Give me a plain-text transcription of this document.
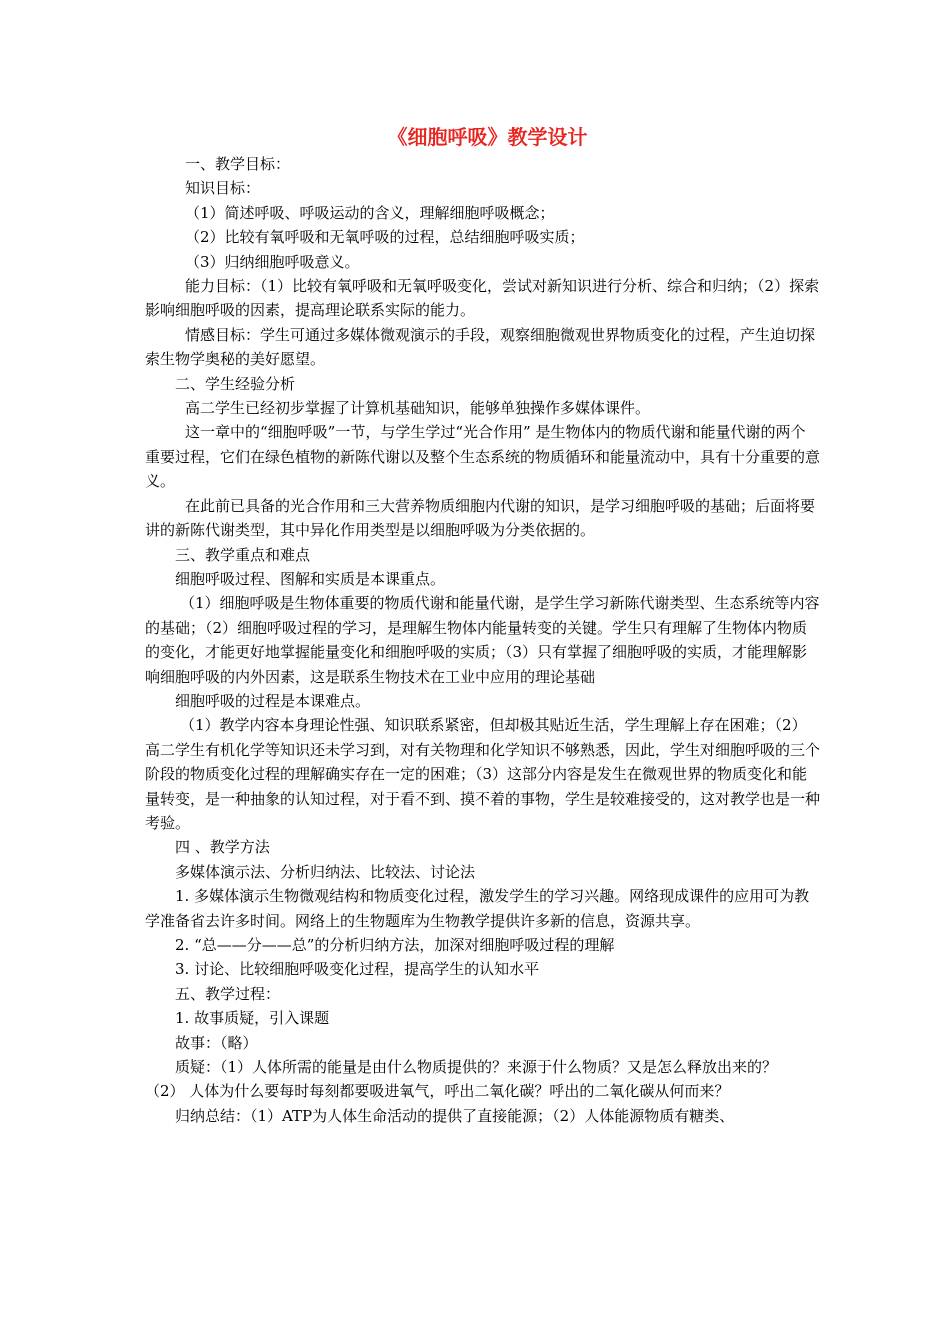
《细胞呼吸》教学设计

一、教学目标：

知识目标：

（1）简述呼吸、呼吸运动的含义，理解细胞呼吸概念；

（2）比较有氧呼吸和无氧呼吸的过程，总结细胞呼吸实质；

（3）归纳细胞呼吸意义。

能力目标：（1）比较有氧呼吸和无氧呼吸变化，尝试对新知识进行分析、综合和归纳；（2）探索影响细胞呼吸的因素，提高理论联系实际的能力。

情感目标：学生可通过多媒体微观演示的手段，观察细胞微观世界物质变化的过程，产生迫切探索生物学奥秘的美好愿望。

二、学生经验分析

高二学生已经初步掌握了计算机基础知识，能够单独操作多媒体课件。

这一章中的“细胞呼吸”一节，与学生学过“光合作用” 是生物体内的物质代谢和能量代谢的两个重要过程，它们在绿色植物的新陈代谢以及整个生态系统的物质循环和能量流动中，具有十分重要的意义。

在此前已具备的光合作用和三大营养物质细胞内代谢的知识，是学习细胞呼吸的基础；后面将要讲的新陈代谢类型，其中异化作用类型是以细胞呼吸为分类依据的。

三、教学重点和难点

细胞呼吸过程、图解和实质是本课重点。

（1）细胞呼吸是生物体重要的物质代谢和能量代谢，是学生学习新陈代谢类型、生态系统等内容的基础；（2）细胞呼吸过程的学习，是理解生物体内能量转变的关键。学生只有理解了生物体内物质的变化，才能更好地掌握能量变化和细胞呼吸的实质；（3）只有掌握了细胞呼吸的实质，才能理解影响细胞呼吸的内外因素，这是联系生物技术在工业中应用的理论基础

细胞呼吸的过程是本课难点。

（1）教学内容本身理论性强、知识联系紧密，但却极其贴近生活，学生理解上存在困难；（2）高二学生有机化学等知识还未学习到，对有关物理和化学知识不够熟悉，因此，学生对细胞呼吸的三个阶段的物质变化过程的理解确实存在一定的困难；（3）这部分内容是发生在微观世界的物质变化和能量转变，是一种抽象的认知过程，对于看不到、摸不着的事物，学生是较难接受的，这对教学也是一种考验。

四 、教学方法

多媒体演示法、分析归纳法、比较法、讨论法

1. 多媒体演示生物微观结构和物质变化过程，激发学生的学习兴趣。网络现成课件的应用可为教学准备省去许多时间。网络上的生物题库为生物教学提供许多新的信息，资源共享。

2. “总——分——总”的分析归纳方法，加深对细胞呼吸过程的理解

3. 讨论、比较细胞呼吸变化过程，提高学生的认知水平

五、教学过程：

1. 故事质疑，引入课题

故事：（略）

质疑：（1）人体所需的能量是由什么物质提供的？来源于什么物质？又是怎么释放出来的？ （2） 人体为什么要每时每刻都要吸进氧气，呼出二氧化碳？呼出的二氧化碳从何而来？

归纳总结：（1）ATP为人体生命活动的提供了直接能源；（2）人体能源物质有糖类、
